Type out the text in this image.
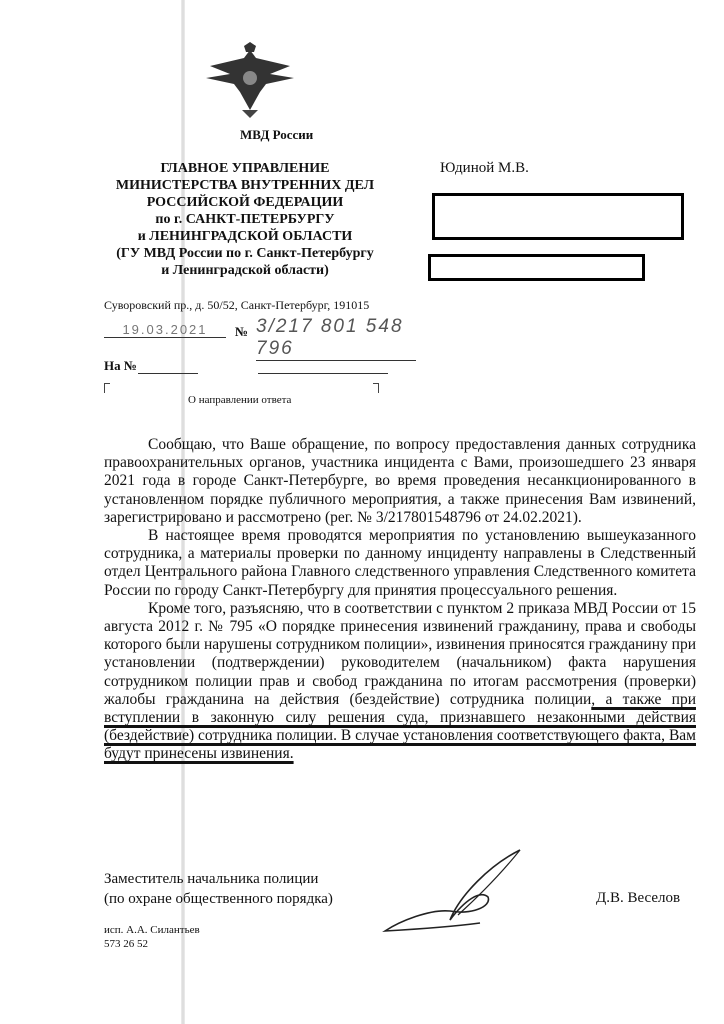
МВД России
ГЛАВНОЕ УПРАВЛЕНИЕ
МИНИСТЕРСТВА ВНУТРЕННИХ ДЕЛ
РОССИЙСКОЙ ФЕДЕРАЦИИ
по г. САНКТ-ПЕТЕРБУРГУ
и ЛЕНИНГРАДСКОЙ ОБЛАСТИ
(ГУ МВД России по г. Санкт-Петербургу
и Ленинградской области)
Суворовский пр., д. 50/52, Санкт-Петербург, 191015
19.03.2021	№ 3/217 801 548 796
На №
О направлении ответа
Юдиной М.В.

Сообщаю, что Ваше обращение, по вопросу предоставления данных сотрудника правоохранительных органов, участника инцидента с Вами, произошедшего 23 января 2021 года в городе Санкт-Петербурге, во время проведения несанкционированного в установленном порядке публичного мероприятия, а также принесения Вам извинений, зарегистрировано и рассмотрено (рег. № 3/217801548796 от 24.02.2021).

В настоящее время проводятся мероприятия по установлению вышеуказанного сотрудника, а материалы проверки по данному инциденту направлены в Следственный отдел Центрального района Главного следственного управления Следственного комитета России по городу Санкт-Петербургу для принятия процессуального решения.

Кроме того, разъясняю, что в соответствии с пунктом 2 приказа МВД России от 15 августа 2012 г. № 795 «О порядке принесения извинений гражданину, права и свободы которого были нарушены сотрудником полиции», извинения приносятся гражданину при установлении (подтверждении) руководителем (начальником) факта нарушения сотрудником полиции прав и свобод гражданина по итогам рассмотрения (проверки) жалобы гражданина на действия (бездействие) сотрудника полиции, а также при вступлении в законную силу решения суда, признавшего незаконными действия (бездействие) сотрудника полиции. В случае установления соответствующего факта, Вам будут принесены извинения.

Заместитель начальника полиции
(по охране общественного порядка)	Д.В. Веселов
исп. А.А. Силантьев
573 26 52
